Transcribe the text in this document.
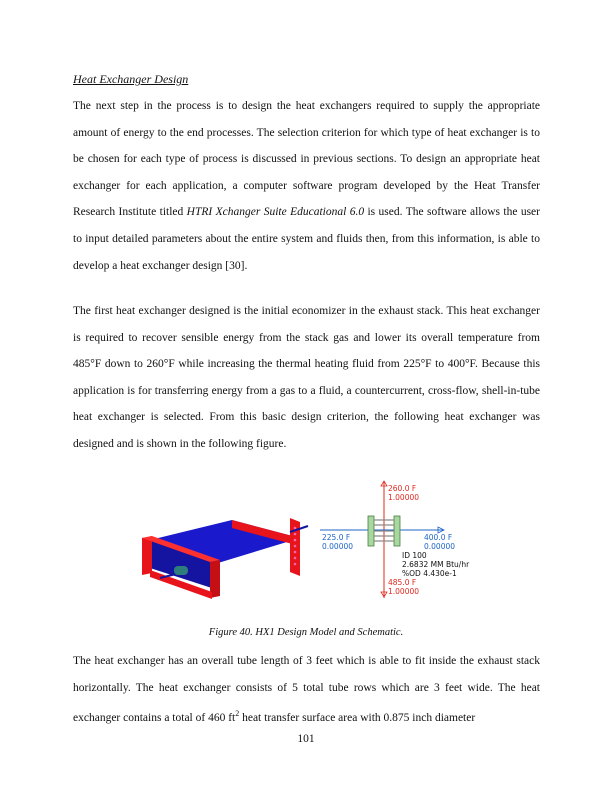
Heat Exchanger Design
The next step in the process is to design the heat exchangers required to supply the appropriate amount of energy to the end processes. The selection criterion for which type of heat exchanger is to be chosen for each type of process is discussed in previous sections. To design an appropriate heat exchanger for each application, a computer software program developed by the Heat Transfer Research Institute titled HTRI Xchanger Suite Educational 6.0 is used. The software allows the user to input detailed parameters about the entire system and fluids then, from this information, is able to develop a heat exchanger design [30].
The first heat exchanger designed is the initial economizer in the exhaust stack. This heat exchanger is required to recover sensible energy from the stack gas and lower its overall temperature from 485°F down to 260°F while increasing the thermal heating fluid from 225°F to 400°F. Because this application is for transferring energy from a gas to a fluid, a countercurrent, cross-flow, shell-in-tube heat exchanger is selected. From this basic design criterion, the following heat exchanger was designed and is shown in the following figure.
260.0 F
1.00000
225.0 F
0.00000
400.0 F
0.00000
ID 100
2.6832 MM Btu/hr
%OD 4.430e-1
485.0 F
1.00000
Figure 40. HX1 Design Model and Schematic.
The heat exchanger has an overall tube length of 3 feet which is able to fit inside the exhaust stack horizontally. The heat exchanger consists of 5 total tube rows which are 3 feet wide. The heat exchanger contains a total of 460 $ft^2$ heat transfer surface area with 0.875 inch diameter
101
